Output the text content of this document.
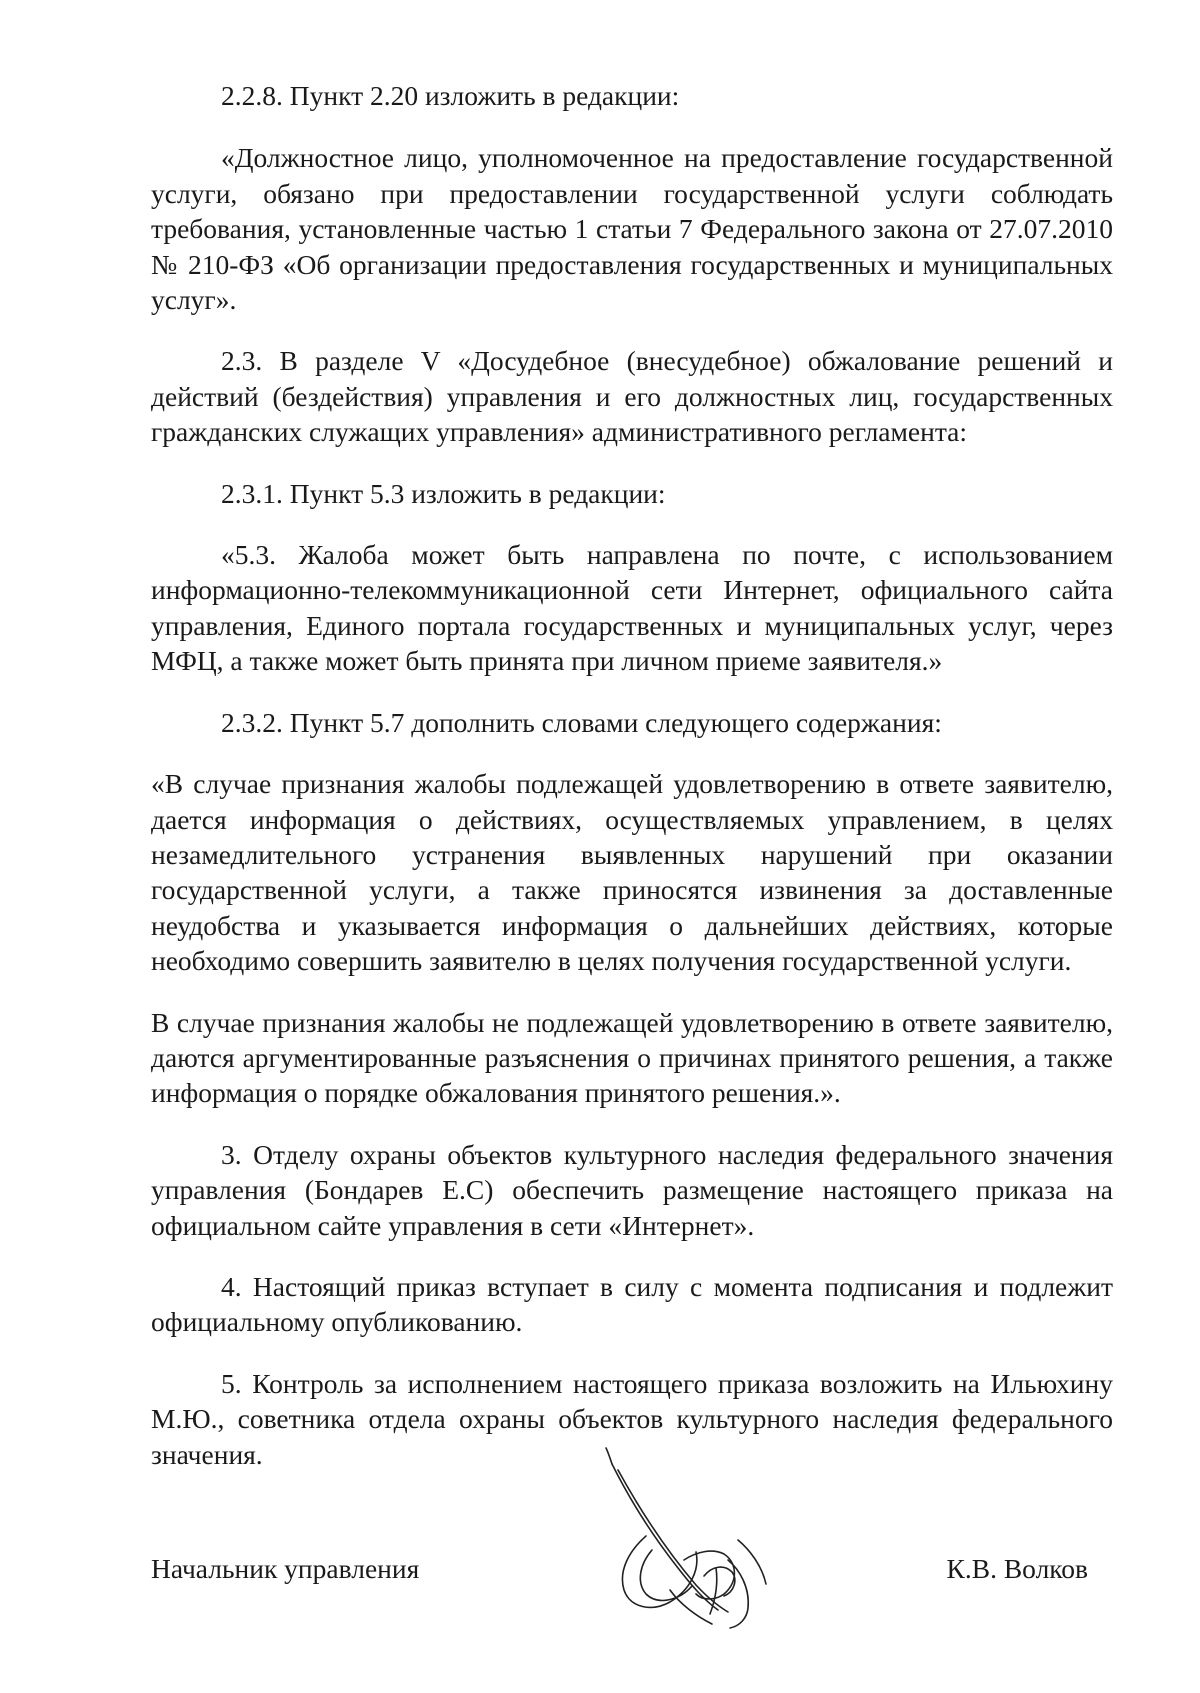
2.2.8. Пункт 2.20 изложить в редакции:

«Должностное лицо, уполномоченное на предоставление государственной услуги, обязано при предоставлении государственной услуги соблюдать требования, установленные частью 1 статьи 7 Федерального закона от 27.07.2010 № 210-ФЗ «Об организации предоставления государственных и муниципальных услуг».

2.3. В разделе V «Досудебное (внесудебное) обжалование решений и действий (бездействия) управления и его должностных лиц, государственных гражданских служащих управления» административного регламента:

2.3.1. Пункт 5.3 изложить в редакции:

«5.3. Жалоба может быть направлена по почте, с использованием информационно-телекоммуникационной сети Интернет, официального сайта управления, Единого портала государственных и муниципальных услуг, через МФЦ, а также может быть принята при личном приеме заявителя.»

2.3.2. Пункт 5.7 дополнить словами следующего содержания:

«В случае признания жалобы подлежащей удовлетворению в ответе заявителю, дается информация о действиях, осуществляемых управлением, в целях незамедлительного устранения выявленных нарушений при оказании государственной услуги, а также приносятся извинения за доставленные неудобства и указывается информация о дальнейших действиях, которые необходимо совершить заявителю в целях получения государственной услуги.

В случае признания жалобы не подлежащей удовлетворению в ответе заявителю, даются аргументированные разъяснения о причинах принятого решения, а также информация о порядке обжалования принятого решения.».

3. Отделу охраны объектов культурного наследия федерального значения управления (Бондарев Е.С) обеспечить размещение настоящего приказа на официальном сайте управления в сети «Интернет».

4. Настоящий приказ вступает в силу с момента подписания и подлежит официальному опубликованию.

5. Контроль за исполнением настоящего приказа возложить на Ильюхину М.Ю., советника отдела охраны объектов культурного наследия федерального значения.

Начальник управления	К.В. Волков
